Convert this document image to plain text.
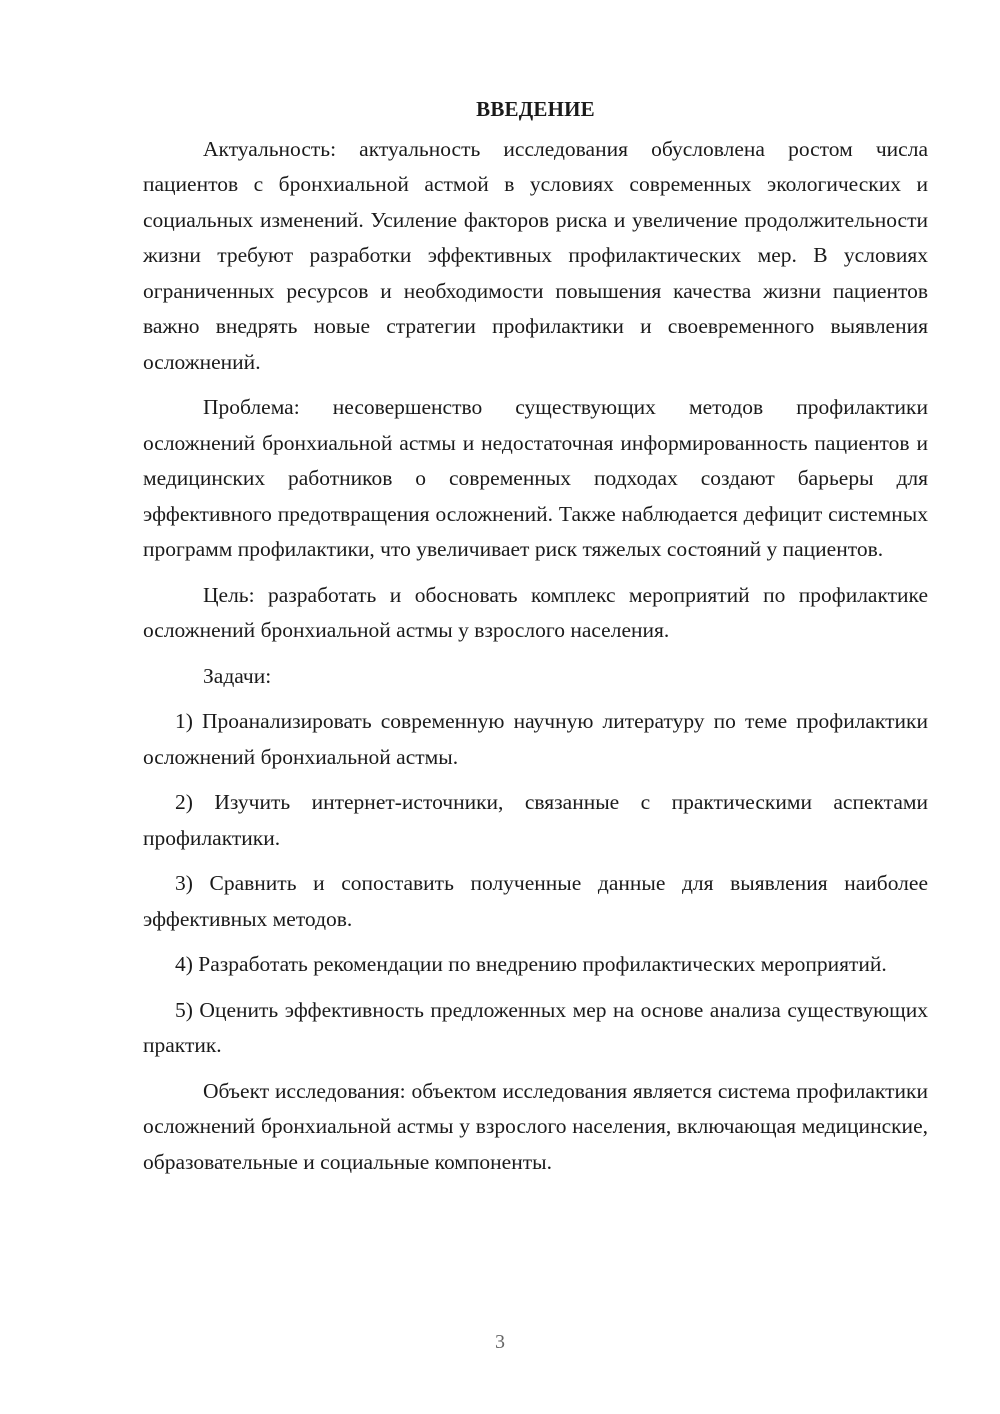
ВВЕДЕНИЕ

Актуальность: актуальность исследования обусловлена ростом числа пациентов с бронхиальной астмой в условиях современных экологических и социальных изменений. Усиление факторов риска и увеличение продолжительности жизни требуют разработки эффективных профилактических мер. В условиях ограниченных ресурсов и необходимости повышения качества жизни пациентов важно внедрять новые стратегии профилактики и своевременного выявления осложнений.

Проблема: несовершенство существующих методов профилактики осложнений бронхиальной астмы и недостаточная информированность пациентов и медицинских работников о современных подходах создают барьеры для эффективного предотвращения осложнений. Также наблюдается дефицит системных программ профилактики, что увеличивает риск тяжелых состояний у пациентов.

Цель: разработать и обосновать комплекс мероприятий по профилактике осложнений бронхиальной астмы у взрослого населения.

Задачи:

1) Проанализировать современную научную литературу по теме профилактики осложнений бронхиальной астмы.

2) Изучить интернет-источники, связанные с практическими аспектами профилактики.

3) Сравнить и сопоставить полученные данные для выявления наиболее эффективных методов.

4) Разработать рекомендации по внедрению профилактических мероприятий.

5) Оценить эффективность предложенных мер на основе анализа существующих практик.

Объект исследования: объектом исследования является система профилактики осложнений бронхиальной астмы у взрослого населения, включающая медицинские, образовательные и социальные компоненты.

3
